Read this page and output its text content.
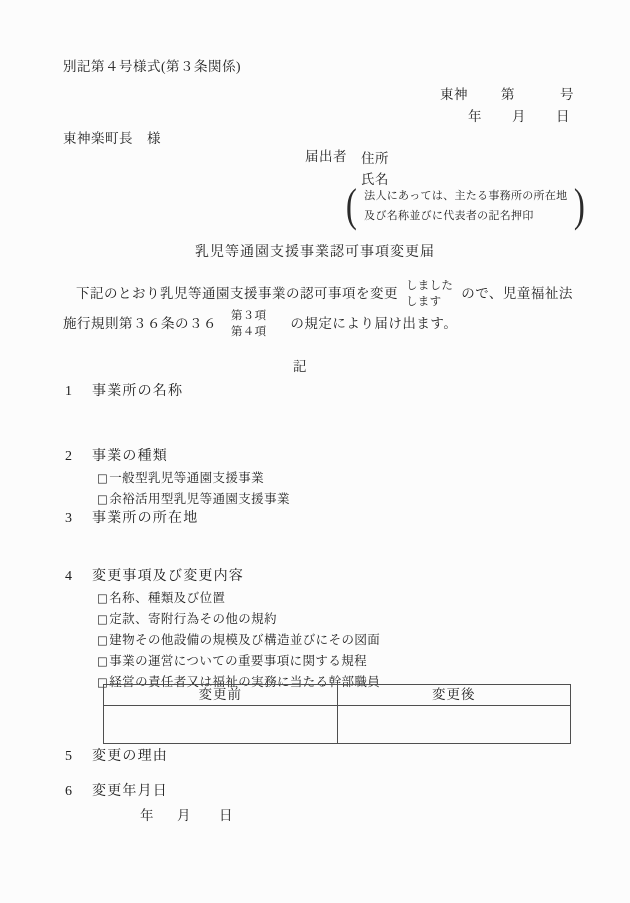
別記第４号様式(第３条関係)
東神 第	号
年 月 日
東神楽町長　様
届出者 住所
氏名
( 法人にあっては、主たる事務所の所在地
及び名称並びに代表者の記名押印 )
乳児等通園支援事業認可事項変更届
下記のとおり乳児等通園支援事業の認可事項を変更 しました
します
ので、児童福祉法
施行規則第３６条の３６ 第３項
第４項
の規定により届け出ます。
記
1	事業所の名称
2	事業の種類
□ 一般型乳児等通園支援事業
□ 余裕活用型乳児等通園支援事業
3	事業所の所在地
4	変更事項及び変更内容
□ 名称、種類及び位置
□ 定款、寄附行為その他の規約
□ 建物その他設備の規模及び構造並びにその図面
□ 事業の運営についての重要事項に関する規程
□ 経営の責任者又は福祉の実務に当たる幹部職員
変更前	変更後

5	変更の理由
6	変更年月日
年 月 日
